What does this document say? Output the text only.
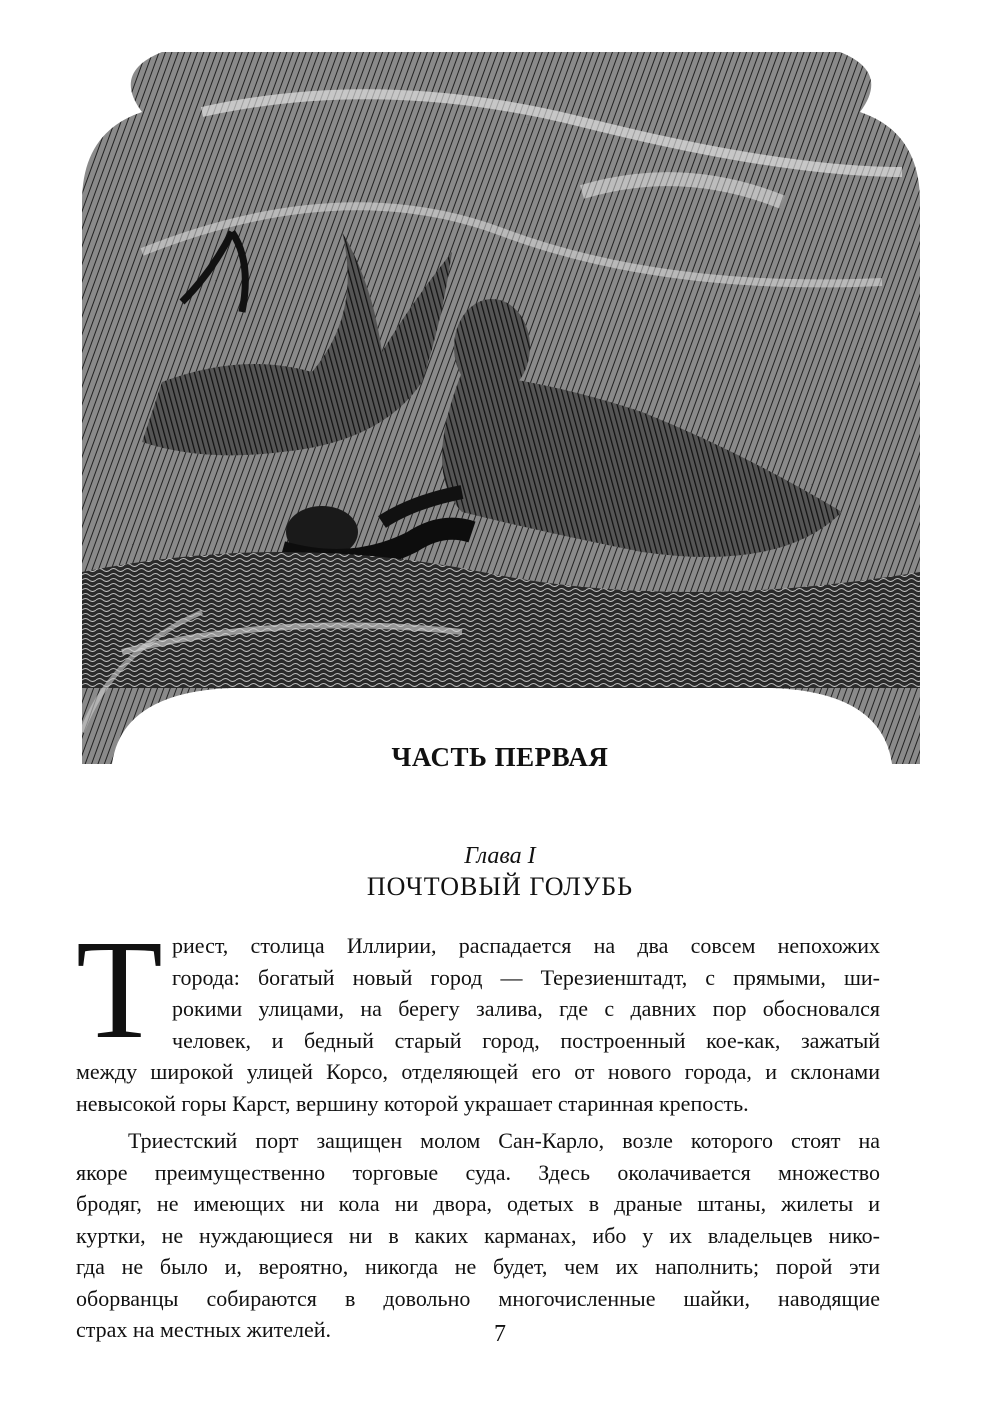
ЧАСТЬ ПЕРВАЯ
Глава I
ПОЧТОВЫЙ ГОЛУБЬ
Т риест, столица Иллирии, распадается на два совсем непохожих
города: богатый новый город — Терезиенштадт, с прямыми, ши-
рокими улицами, на берегу залива, где с давних пор обосновался
человек, и бедный старый город, построенный кое-как, зажатый
между широкой улицей Корсо, отделяющей его от нового города, и склонами
невысокой горы Карст, вершину которой украшает старинная крепость.
Триестский порт защищен молом Сан-Карло, возле которого стоят на
якоре преимущественно торговые суда. Здесь околачивается множество
бродяг, не имеющих ни кола ни двора, одетых в драные штаны, жилеты и
куртки, не нуждающиеся ни в каких карманах, ибо у их владельцев нико-
гда не было и, вероятно, никогда не будет, чем их наполнить; порой эти
оборванцы собираются в довольно многочисленные шайки, наводящие
страх на местных жителей.	7
